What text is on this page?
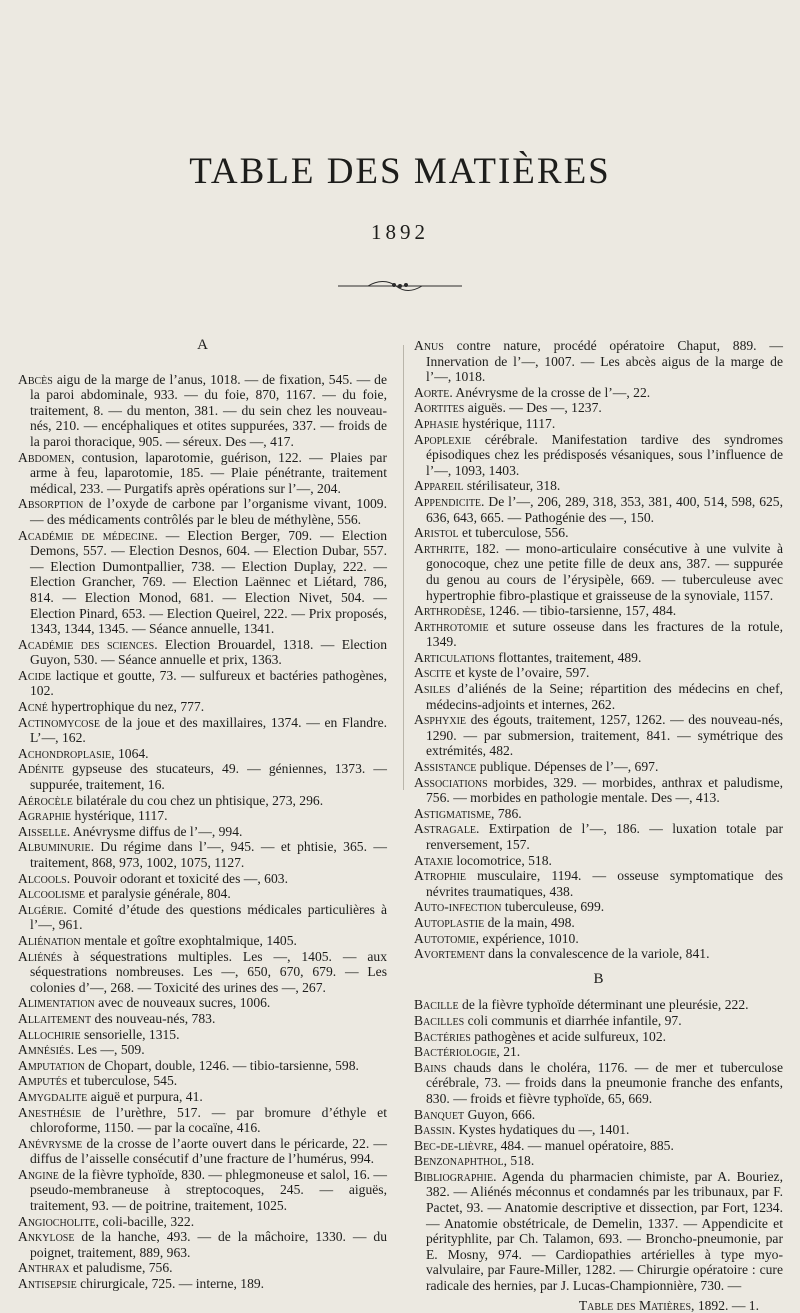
TABLE DES MATIÈRES
1892
A

Abcès aigu de la marge de l’anus, 1018. — de fixation, 545. — de la paroi abdominale, 933. — du foie, 870, 1167. — du foie, traitement, 8. — du menton, 381. — du sein chez les nouveau-nés, 210. — encéphaliques et otites suppurées, 337. — froids de la paroi thoracique, 905. — séreux. Des —, 417.

Abdomen, contusion, laparotomie, guérison, 122. — Plaies par arme à feu, laparotomie, 185. — Plaie pénétrante, traitement médical, 233. — Purgatifs après opérations sur l’—, 204.

Absorption de l’oxyde de carbone par l’organisme vivant, 1009. — des médicaments contrôlés par le bleu de méthylène, 556.

Académie de médecine. — Election Berger, 709. — Election Demons, 557. — Election Desnos, 604. — Election Dubar, 557. — Election Dumontpallier, 738. — Election Duplay, 222. — Election Grancher, 769. — Election Laënnec et Liétard, 786, 814. — Election Monod, 681. — Election Nivet, 504. — Election Pinard, 653. — Election Queirel, 222. — Prix proposés, 1343, 1344, 1345. — Séance annuelle, 1341.

Académie des sciences. Election Brouardel, 1318. — Election Guyon, 530. — Séance annuelle et prix, 1363.

Acide lactique et goutte, 73. — sulfureux et bactéries pathogènes, 102.

Acné hypertrophique du nez, 777.

Actinomycose de la joue et des maxillaires, 1374. — en Flandre. L’—, 162.

Achondroplasie, 1064.

Adénite gypseuse des stucateurs, 49. — géniennes, 1373. — suppurée, traitement, 16.

Aérocèle bilatérale du cou chez un phtisique, 273, 296.

Agraphie hystérique, 1117.

Aisselle. Anévrysme diffus de l’—, 994.

Albuminurie. Du régime dans l’—, 945. — et phtisie, 365. — traitement, 868, 973, 1002, 1075, 1127.

Alcools. Pouvoir odorant et toxicité des —, 603.

Alcoolisme et paralysie générale, 804.

Algérie. Comité d’étude des questions médicales particulières à l’—, 961.

Aliénation mentale et goître exophtalmique, 1405.

Aliénés à séquestrations multiples. Les —, 1405. — aux séquestrations nombreuses. Les —, 650, 670, 679. — Les colonies d’—, 268. — Toxicité des urines des —, 267.

Alimentation avec de nouveaux sucres, 1006.

Allaitement des nouveau-nés, 783.

Allochirie sensorielle, 1315.

Amnésiés. Les —, 509.

Amputation de Chopart, double, 1246. — tibio-tarsienne, 598.

Amputés et tuberculose, 545.

Amygdalite aiguë et purpura, 41.

Anesthésie de l’urèthre, 517. — par bromure d’éthyle et chloroforme, 1150. — par la cocaïne, 416.

Anévrysme de la crosse de l’aorte ouvert dans le péricarde, 22. — diffus de l’aisselle consécutif d’une fracture de l’humérus, 994.

Angine de la fièvre typhoïde, 830. — phlegmoneuse et salol, 16. — pseudo-membraneuse à streptocoques, 245. — aiguës, traitement, 93. — de poitrine, traitement, 1025.

Angiocholite, coli-bacille, 322.

Ankylose de la hanche, 493. — de la mâchoire, 1330. — du poignet, traitement, 889, 963.

Anthrax et paludisme, 756.

Antisepsie chirurgicale, 725. — interne, 189.

Anus contre nature, procédé opératoire Chaput, 889. — Innervation de l’—, 1007. — Les abcès aigus de la marge de l’—, 1018.

Aorte. Anévrysme de la crosse de l’—, 22.

Aortites aiguës. — Des —, 1237.

Aphasie hystérique, 1117.

Apoplexie cérébrale. Manifestation tardive des syndromes épisodiques chez les prédisposés vésaniques, sous l’influence de l’—, 1093, 1403.

Appareil stérilisateur, 318.

Appendicite. De l’—, 206, 289, 318, 353, 381, 400, 514, 598, 625, 636, 643, 665. — Pathogénie des —, 150.

Aristol et tuberculose, 556.

Arthrite, 182. — mono-articulaire consécutive à une vulvite à gonocoque, chez une petite fille de deux ans, 387. — suppurée du genou au cours de l’érysipèle, 669. — tuberculeuse avec hypertrophie fibro-plastique et graisseuse de la synoviale, 1157.

Arthrodèse, 1246. — tibio-tarsienne, 157, 484.

Arthrotomie et suture osseuse dans les fractures de la rotule, 1349.

Articulations flottantes, traitement, 489.

Ascite et kyste de l’ovaire, 597.

Asiles d’aliénés de la Seine; répartition des médecins en chef, médecins-adjoints et internes, 262.

Asphyxie des égouts, traitement, 1257, 1262. — des nouveau-nés, 1290. — par submersion, traitement, 841. — symétrique des extrémités, 482.

Assistance publique. Dépenses de l’—, 697.

Associations morbides, 329. — morbides, anthrax et paludisme, 756. — morbides en pathologie mentale. Des —, 413.

Astigmatisme, 786.

Astragale. Extirpation de l’—, 186. — luxation totale par renversement, 157.

Ataxie locomotrice, 518.

Atrophie musculaire, 1194. — osseuse symptomatique des névrites traumatiques, 438.

Auto-infection tuberculeuse, 699.

Autoplastie de la main, 498.

Autotomie, expérience, 1010.

Avortement dans la convalescence de la variole, 841.

B

Bacille de la fièvre typhoïde déterminant une pleurésie, 222.

Bacilles coli communis et diarrhée infantile, 97.

Bactéries pathogènes et acide sulfureux, 102.

Bactériologie, 21.

Bains chauds dans le choléra, 1176. — de mer et tuberculose cérébrale, 73. — froids dans la pneumonie franche des enfants, 830. — froids et fièvre typhoïde, 65, 669.

Banquet Guyon, 666.

Bassin. Kystes hydatiques du —, 1401.

Bec-de-lièvre, 484. — manuel opératoire, 885.

Benzonaphthol, 518.

Bibliographie. Agenda du pharmacien chimiste, par A. Bouriez, 382. — Aliénés méconnus et condamnés par les tribunaux, par F. Pactet, 93. — Anatomie descriptive et dissection, par Fort, 1234. — Anatomie obstétricale, de Demelin, 1337. — Appendicite et pérityphlite, par Ch. Talamon, 693. — Broncho-pneumonie, par E. Mosny, 974. — Cardiopathies artérielles à type myo-valvulaire, par Faure-Miller, 1282. — Chirurgie opératoire : cure radicale des hernies, par J. Lucas-Championnière, 730. —

Table des Matières, 1892. — 1.
